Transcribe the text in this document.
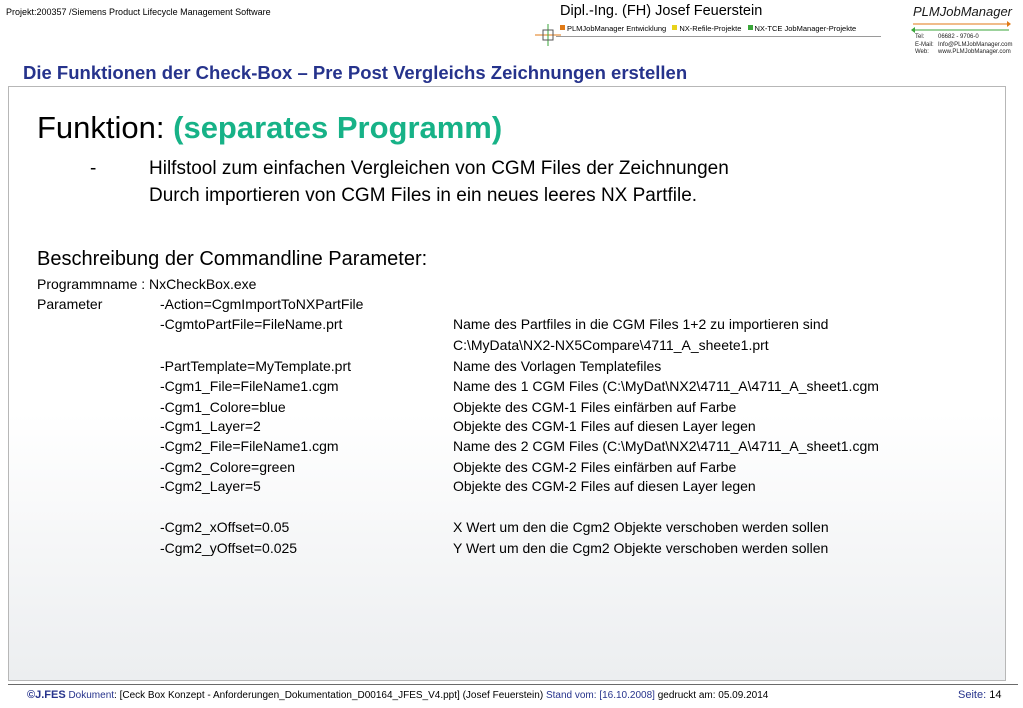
Projekt:200357 /Siemens Product Lifecycle Management Software	Dipl.-Ing. (FH) Josef Feuerstein
PLMJobManager Entwicklung NX-Refile-Projekte NX-TCE JobManager-Projekte
PLMJobManager
Tel: 06682 - 9706-0
E-Mail: Info@PLMJobManager.com
Web: www.PLMJobManager.com
Die Funktionen der Check-Box – Pre Post Vergleichs Zeichnungen erstellen
Funktion: (separates Programm)
-	Hilfstool zum einfachen Vergleichen von CGM Files der Zeichnungen
Durch importieren von CGM Files in ein neues leeres NX Partfile.
Beschreibung der Commandline Parameter:
Programmname : NxCheckBox.exe
Parameter	-Action=CgmImportToNXPartFile
-CgmtoPartFile=FileName.prt	Name des Partfiles in die CGM Files 1+2 zu importieren sind
C:\MyData\NX2-NX5Compare\4711_A_sheete1.prt
-PartTemplate=MyTemplate.prt	Name des Vorlagen Templatefiles
-Cgm1_File=FileName1.cgm	Name des 1 CGM Files (C:\MyDat\NX2\4711_A\4711_A_sheet1.cgm
-Cgm1_Colore=blue	Objekte des CGM-1 Files einfärben auf Farbe
-Cgm1_Layer=2	Objekte des CGM-1 Files auf diesen Layer legen
-Cgm2_File=FileName1.cgm	Name des 2 CGM Files (C:\MyDat\NX2\4711_A\4711_A_sheet1.cgm
-Cgm2_Colore=green	Objekte des CGM-2 Files einfärben auf Farbe
-Cgm2_Layer=5	Objekte des CGM-2 Files auf diesen Layer legen
-Cgm2_xOffset=0.05	X Wert um den die Cgm2 Objekte verschoben werden sollen
-Cgm2_yOffset=0.025	Y Wert um den die Cgm2 Objekte verschoben werden sollen
©J.FES Dokument: [Ceck Box Konzept - Anforderungen_Dokumentation_D00164_JFES_V4.ppt] (Josef Feuerstein) Stand vom: [16.10.2008] gedruckt am: 05.09.2014	Seite: 14
